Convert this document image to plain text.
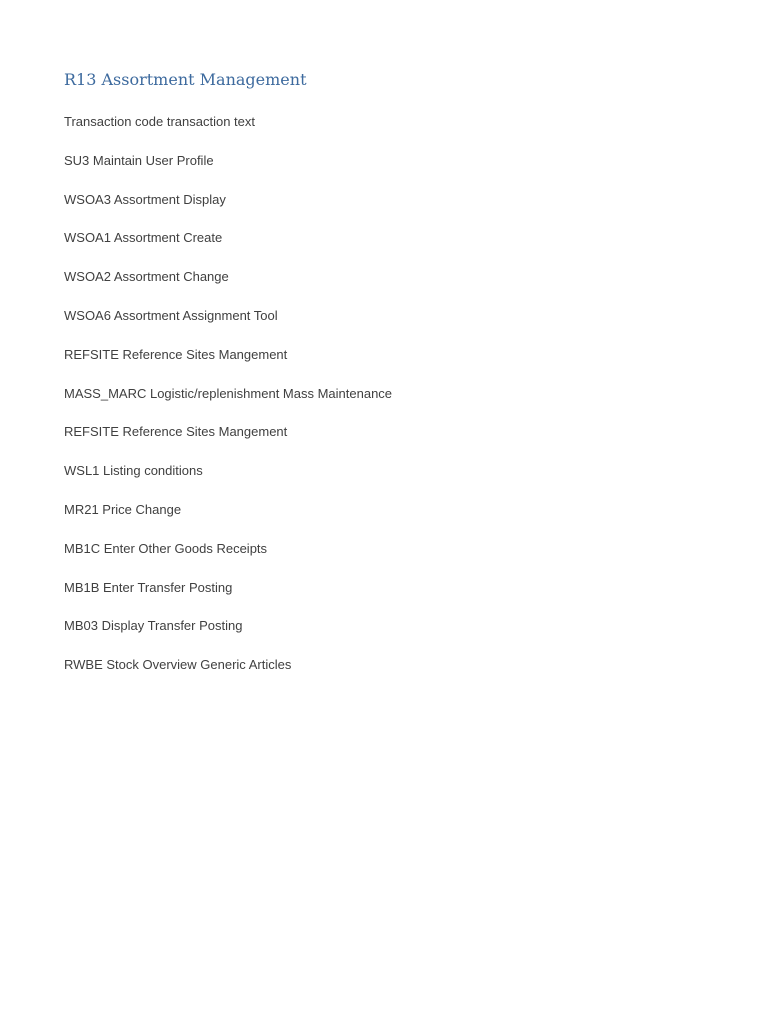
R13 Assortment Management
Transaction code transaction text
SU3 Maintain User Profile
WSOA3 Assortment Display
WSOA1 Assortment Create
WSOA2 Assortment Change
WSOA6 Assortment Assignment Tool
REFSITE Reference Sites Mangement
MASS_MARC Logistic/replenishment Mass Maintenance
REFSITE Reference Sites Mangement
WSL1 Listing conditions
MR21 Price Change
MB1C Enter Other Goods Receipts
MB1B Enter Transfer Posting
MB03 Display Transfer Posting
RWBE Stock Overview Generic Articles
